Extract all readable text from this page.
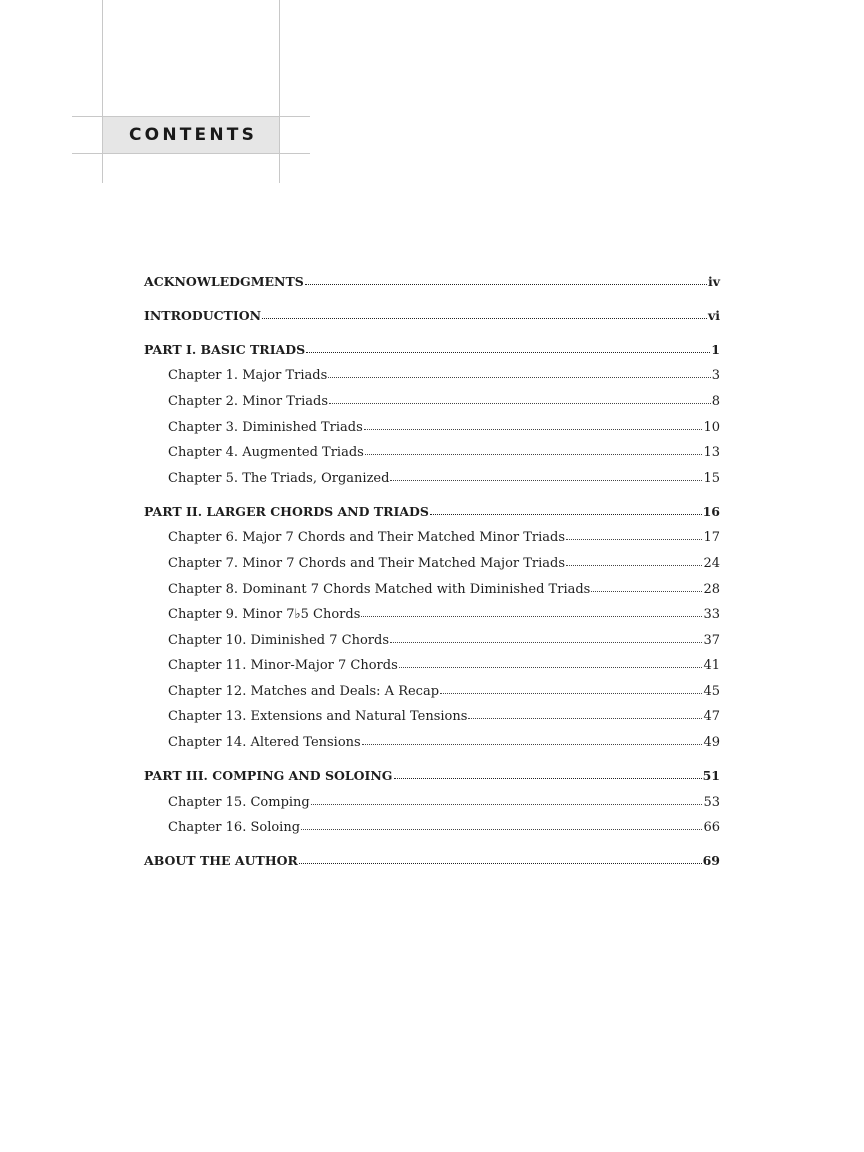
CONTENTS
ACKNOWLEDGMENTS	iv
INTRODUCTION	vi
PART I. BASIC TRIADS	1
Chapter 1. Major Triads	3
Chapter 2. Minor Triads	8
Chapter 3. Diminished Triads	10
Chapter 4. Augmented Triads	13
Chapter 5. The Triads, Organized	15
PART II. LARGER CHORDS AND TRIADS	16
Chapter 6. Major 7 Chords and Their Matched Minor Triads	17
Chapter 7. Minor 7 Chords and Their Matched Major Triads	24
Chapter 8. Dominant 7 Chords Matched with Diminished Triads	28
Chapter 9. Minor 7♭5 Chords	33
Chapter 10. Diminished 7 Chords	37
Chapter 11. Minor-Major 7 Chords	41
Chapter 12. Matches and Deals: A Recap	45
Chapter 13. Extensions and Natural Tensions	47
Chapter 14. Altered Tensions	49
PART III. COMPING AND SOLOING	51
Chapter 15. Comping	53
Chapter 16. Soloing	66
ABOUT THE AUTHOR	69
